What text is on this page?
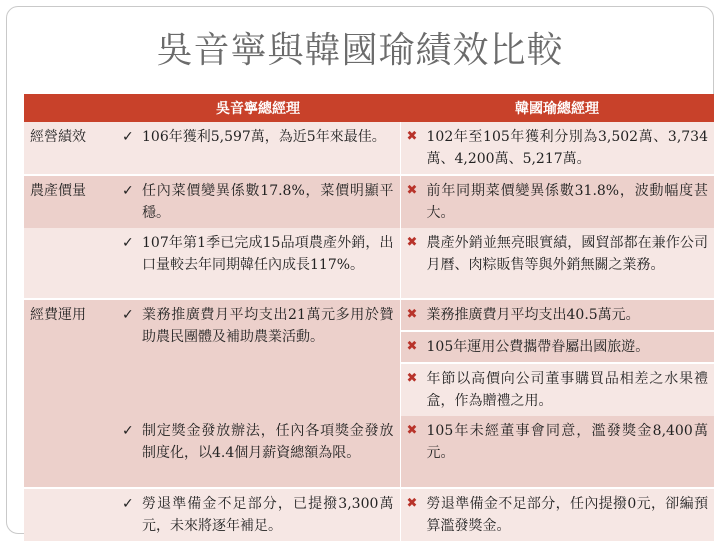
吳音寧與韓國瑜績效比較
	吳音寧總經理	韓國瑜總經理
經營績效	✓ 106年獲利5,597萬，為近5年來最佳。	✖ 102年至105年獲利分別為3,502萬、3,734萬、4,200萬、5,217萬。

農產價量	✓ 任內菜價變異係數17.8%，菜價明顯平穩。	✖ 前年同期菜價變異係數31.8%，波動幅度甚大。

	✓ 107年第1季已完成15品項農產外銷，出口量較去年同期韓任內成長117%。	✖ 農產外銷並無亮眼實績，國貿部都在兼作公司月曆、肉粽販售等與外銷無關之業務。

經費運用	✓ 業務推廣費月平均支出21萬元多用於贊助農民團體及補助農業活動。	✖ 業務推廣費月平均支出40.5萬元。

		✖ 105年運用公費攜帶眷屬出國旅遊。

		✖ 年節以高價向公司董事購買品相差之水果禮盒，作為贈禮之用。

	✓ 制定獎金發放辦法，任內各項獎金發放制度化，以4.4個月薪資總額為限。	✖ 105年未經董事會同意，濫發獎金8,400萬元。

	✓ 勞退準備金不足部分，已提撥3,300萬元，未來將逐年補足。	✖ 勞退準備金不足部分，任內提撥0元，卻編預算濫發獎金。
